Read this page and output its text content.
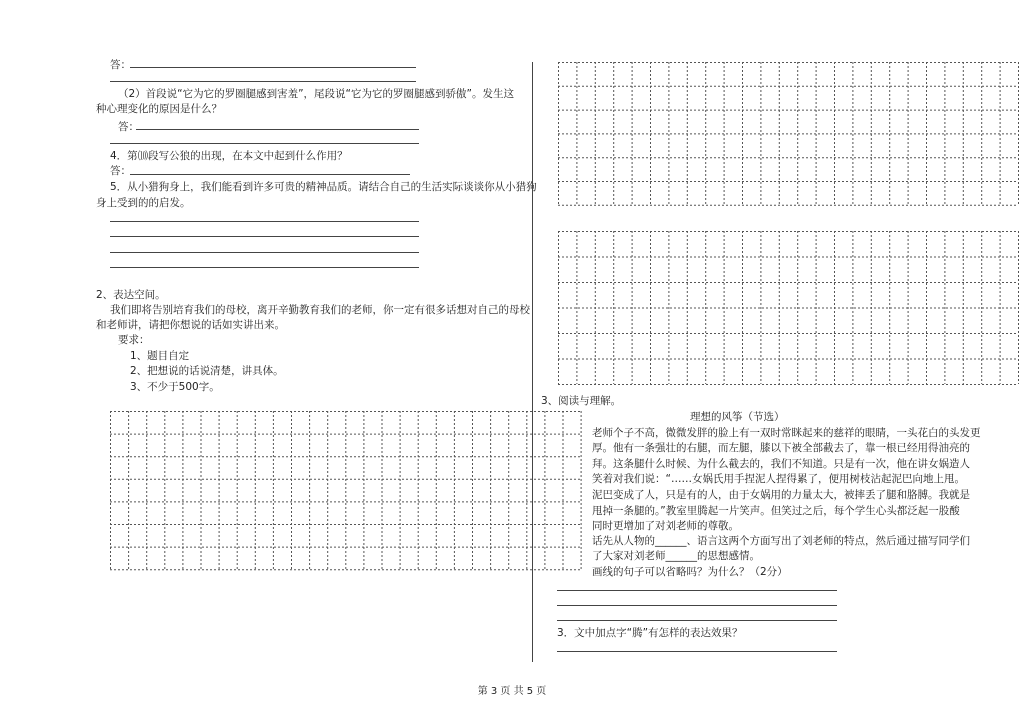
答：
（2）首段说“它为它的罗圈腿感到害羞”，尾段说“它为它的罗圈腿感到骄傲”。发生这
种心理变化的原因是什么？
答：
4．第⑽段写公狼的出现，在本文中起到什么作用？
答：
5．从小猎狗身上，我们能看到许多可贵的精神品质。请结合自己的生活实际谈谈你从小猎狗
身上受到的的启发。
2、表达空间。
我们即将告别培育我们的母校，离开辛勤教育我们的老师，你一定有很多话想对自己的母校
和老师讲，请把你想说的话如实讲出来。
要求：
1、题目自定
2、把想说的话说清楚，讲具体。
3、不少于500字。
3、阅读与理解。
理想的风筝（节选）
老师个子不高，微微发胖的脸上有一双时常眯起来的慈祥的眼睛，一头花白的头发更
厚。他有一条强壮的右腿，而左腿，膝以下被全部截去了，靠一根已经用得油亮的
拜。这条腿什么时候、为什么截去的，我们不知道。只是有一次，他在讲女娲造人
笑着对我们说：“……女娲氏用手捏泥人捏得累了，便用树枝沾起泥巴向地上甩。
泥巴变成了人，只是有的人，由于女娲用的力量太大，被摔丢了腿和胳膊。我就是
甩掉一条腿的。”教室里腾起一片笑声。但笑过之后，每个学生心头都泛起一股酸
同时更增加了对刘老师的尊敬。
话先从人物的______、语言这两个方面写出了刘老师的特点，然后通过描写同学们
了大家对刘老师______的思想感情。
画线的句子可以省略吗？为什么？（2分）
3．文中加点字“腾”有怎样的表达效果？
第 3 页 共 5 页
